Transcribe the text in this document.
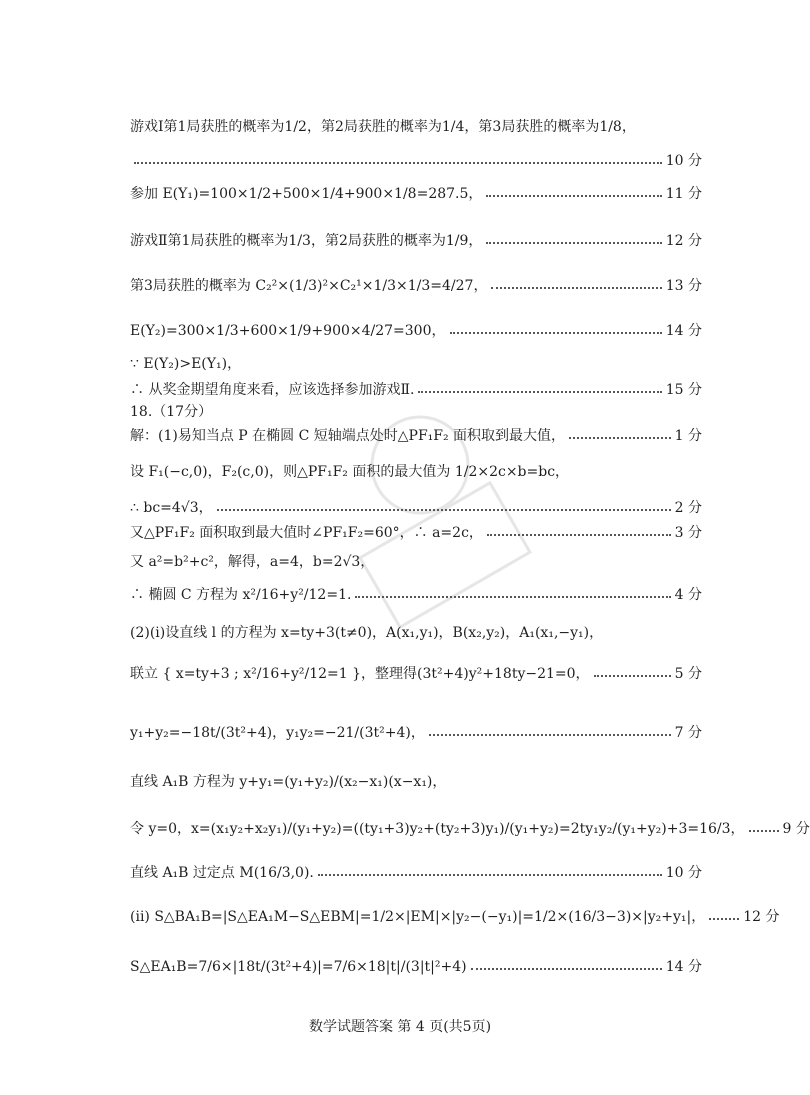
游戏Ⅰ第1局获胜的概率为1/2，第2局获胜的概率为1/4，第3局获胜的概率为1/8，
10 分
参加 E(Y₁)=100×1/2+500×1/4+900×1/8=287.5，	11 分
游戏Ⅱ第1局获胜的概率为1/3，第2局获胜的概率为1/9，	12 分
第3局获胜的概率为 C₂²×(1/3)²×C₂¹×1/3×1/3=4/27，	13 分
E(Y₂)=300×1/3+600×1/9+900×4/27=300，	14 分
∵ E(Y₂)>E(Y₁)，
∴ 从奖金期望角度来看，应该选择参加游戏Ⅱ.	15 分
18.（17分）
解：(1)易知当点 P 在椭圆 C 短轴端点处时△PF₁F₂ 面积取到最大值，	1 分
设 F₁(−c,0)，F₂(c,0)，则△PF₁F₂ 面积的最大值为 1/2×2c×b=bc，
∴ bc=4√3，	2 分
又△PF₁F₂ 面积取到最大值时∠PF₁F₂=60°，∴ a=2c，	3 分
又 a²=b²+c²，解得，a=4，b=2√3，
∴ 椭圆 C 方程为 x²/16+y²/12=1.	4 分
(2)(i)设直线 l 的方程为 x=ty+3(t≠0)，A(x₁,y₁)，B(x₂,y₂)，A₁(x₁,−y₁)，
联立 { x=ty+3 ; x²/16+y²/12=1 }，整理得(3t²+4)y²+18ty−21=0，	5 分
y₁+y₂=−18t/(3t²+4)，y₁y₂=−21/(3t²+4)，	7 分
直线 A₁B 方程为 y+y₁=(y₁+y₂)/(x₂−x₁)(x−x₁)，
令 y=0，x=(x₁y₂+x₂y₁)/(y₁+y₂)=((ty₁+3)y₂+(ty₂+3)y₁)/(y₁+y₂)=2ty₁y₂/(y₁+y₂)+3=16/3，	9 分
直线 A₁B 过定点 M(16/3,0).	10 分
(ii) S△BA₁B=|S△EA₁M−S△EBM|=1/2×|EM|×|y₂−(−y₁)|=1/2×(16/3−3)×|y₂+y₁|，	12 分
S△EA₁B=7/6×|18t/(3t²+4)|=7/6×18|t|/(3|t|²+4)	14 分
数学试题答案 第 4 页(共5页)
